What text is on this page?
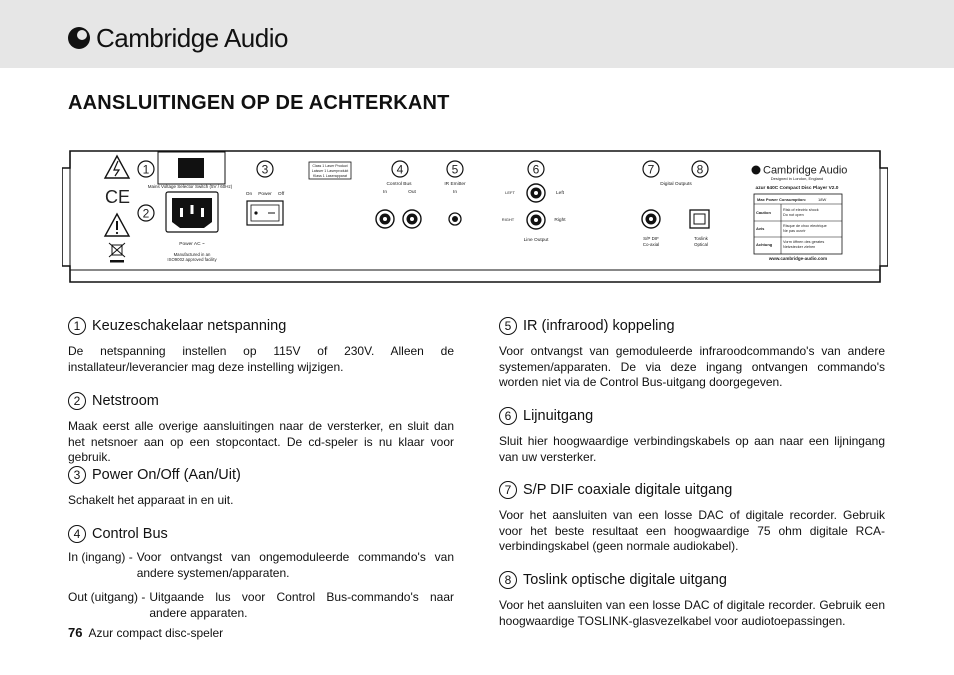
Cambridge Audio
AANSLUITINGEN OP DE ACHTERKANT
CE
1
2
Mains Voltage Selector Switch (5V / 60Hz)
Power AC ~
Manufactured in an
ISO9002 approved facility
On Power Off
3	Class 1 Laser Product
Laisser 1 Laserprodukt
Klass 1 Laserapparat	4
Control Bus
In	Out
5
IR Emitter
In
6
LEFT
RIGHT
Left
Right
Line Output
7	8
Digital Outputs
S/P DIF
Co-axial
Toslink
Optical
Cambridge Audio
Designed in London, England
azur 640C Compact Disc Player V2.0
Max Power Consumption:	18W
Caution	Risk of electric shock
Do not open
Avis	Risque de choc electrique
Ne pas ouvrir
Achtung	Vorm öffnen des gerates
Netzstecker ziehen
www.cambridge-audio.com
1 Keuzeschakelaar netspanning

De netspanning instellen op 115V of 230V. Alleen de installateur/leverancier mag deze instelling wijzigen.

2 Netstroom

Maak eerst alle overige aansluitingen naar de versterker, en sluit dan het netsnoer aan op een stopcontact. De cd-speler is nu klaar voor gebruik.

3 Power On/Off (Aan/Uit)

Schakelt het apparaat in en uit.

4 Control Bus
In (ingang) - Voor ontvangst van ongemoduleerde commando's van andere systemen/apparaten.
Out (uitgang) - Uitgaande lus voor Control Bus-commando's naar andere apparaten.
5 IR (infrarood) koppeling

Voor ontvangst van gemoduleerde infraroodcommando's van andere systemen/apparaten. De via deze ingang ontvangen commando's worden niet via de Control Bus-uitgang doorgegeven.

6 Lijnuitgang

Sluit hier hoogwaardige verbindingskabels op aan naar een lijningang van uw versterker.

7 S/P DIF coaxiale digitale uitgang

Voor het aansluiten van een losse DAC of digitale recorder. Gebruik voor het beste resultaat een hoogwaardige 75 ohm digitale RCA-verbindingskabel (geen normale audiokabel).

8 Toslink optische digitale uitgang

Voor het aansluiten van een losse DAC of digitale recorder. Gebruik een hoogwaardige TOSLINK-glasvezelkabel voor audiotoepassingen.

76 Azur compact disc-speler
